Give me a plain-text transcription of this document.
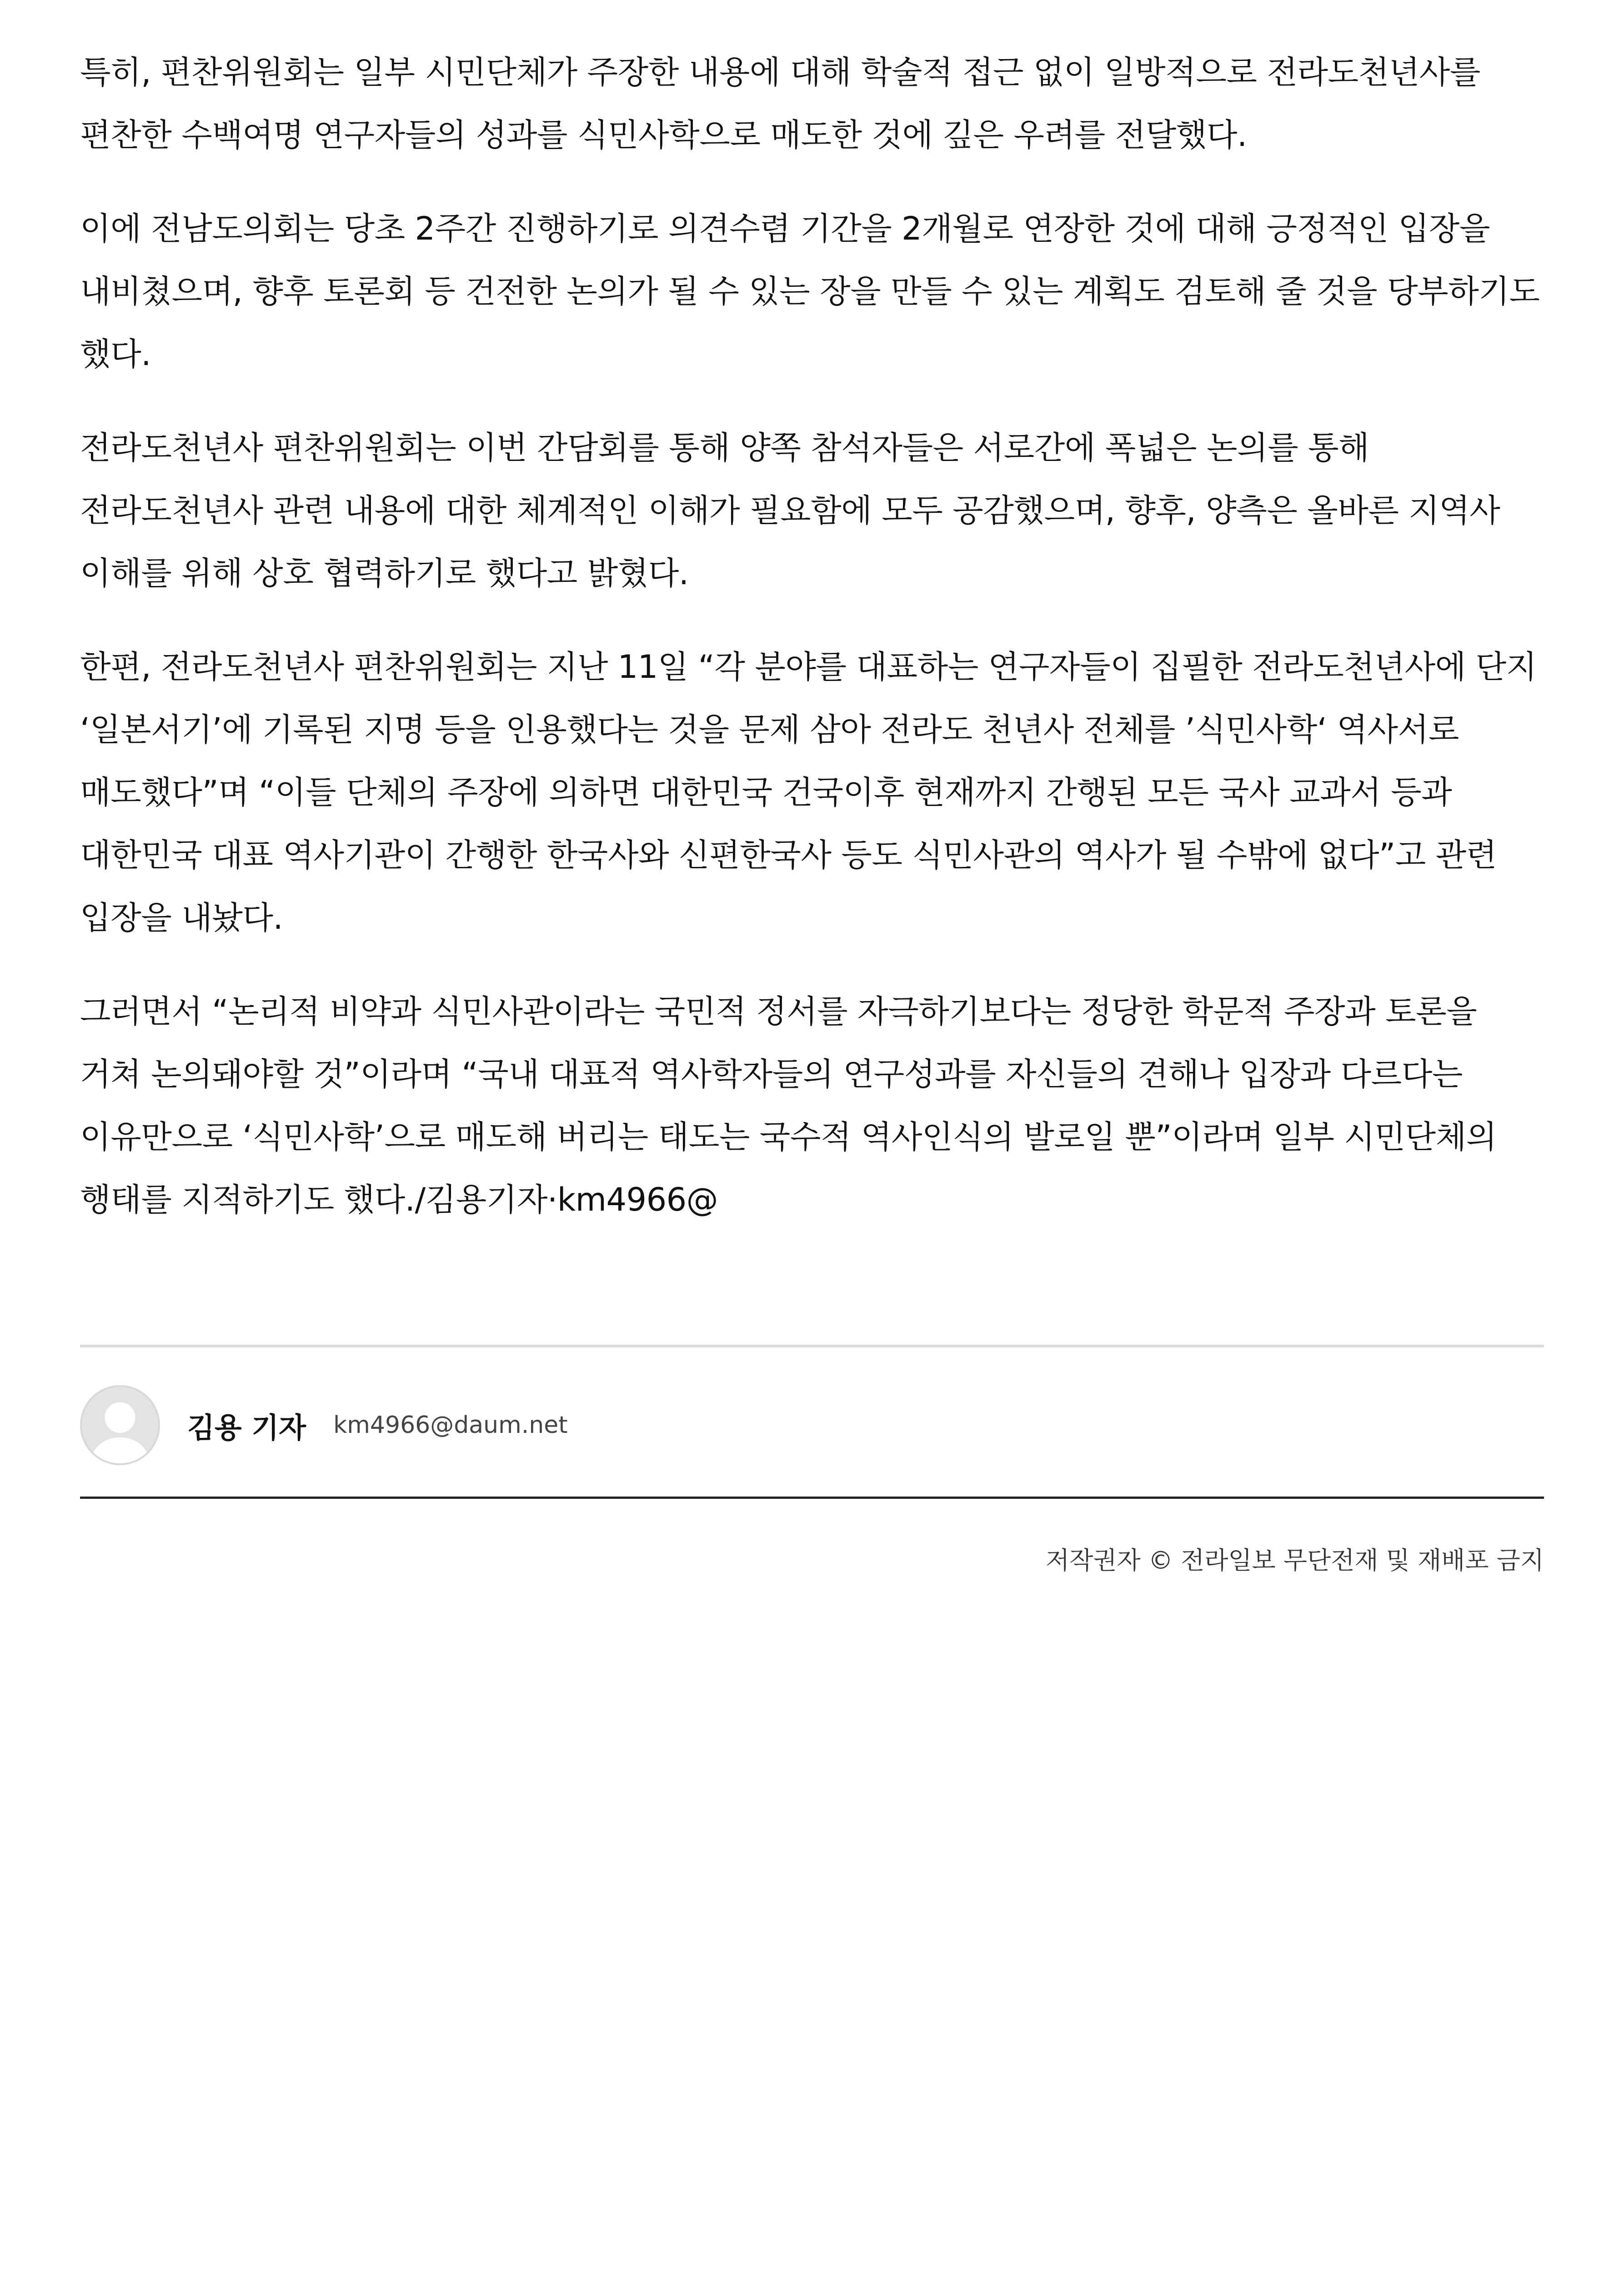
특히, 편찬위원회는 일부 시민단체가 주장한 내용에 대해 학술적 접근 없이 일방적으로 전라도천년사를 편찬한 수백여명 연구자들의 성과를 식민사학으로 매도한 것에 깊은 우려를 전달했다.

이에 전남도의회는 당초 2주간 진행하기로 의견수렴 기간을 2개월로 연장한 것에 대해 긍정적인 입장을 내비쳤으며, 향후 토론회 등 건전한 논의가 될 수 있는 장을 만들 수 있는 계획도 검토해 줄 것을 당부하기도 했다.

전라도천년사 편찬위원회는 이번 간담회를 통해 양쪽 참석자들은 서로간에 폭넓은 논의를 통해 전라도천년사 관련 내용에 대한 체계적인 이해가 필요함에 모두 공감했으며, 향후, 양측은 올바른 지역사 이해를 위해 상호 협력하기로 했다고 밝혔다.

한편, 전라도천년사 편찬위원회는 지난 11일 “각 분야를 대표하는 연구자들이 집필한 전라도천년사에 단지 ‘일본서기’에 기록된 지명 등을 인용했다는 것을 문제 삼아 전라도 천년사 전체를 ’식민사학‘ 역사서로 매도했다”며 “이들 단체의 주장에 의하면 대한민국 건국이후 현재까지 간행된 모든 국사 교과서 등과 대한민국 대표 역사기관이 간행한 한국사와 신편한국사 등도 식민사관의 역사가 될 수밖에 없다”고 관련 입장을 내놨다.

그러면서 “논리적 비약과 식민사관이라는 국민적 정서를 자극하기보다는 정당한 학문적 주장과 토론을 거쳐 논의돼야할 것”이라며 “국내 대표적 역사학자들의 연구성과를 자신들의 견해나 입장과 다르다는 이유만으로 ‘식민사학’으로 매도해 버리는 태도는 국수적 역사인식의 발로일 뿐”이라며 일부 시민단체의 행태를 지적하기도 했다./김용기자·km4966@

김용 기자 km4966@daum.net
저작권자 © 전라일보 무단전재 및 재배포 금지
